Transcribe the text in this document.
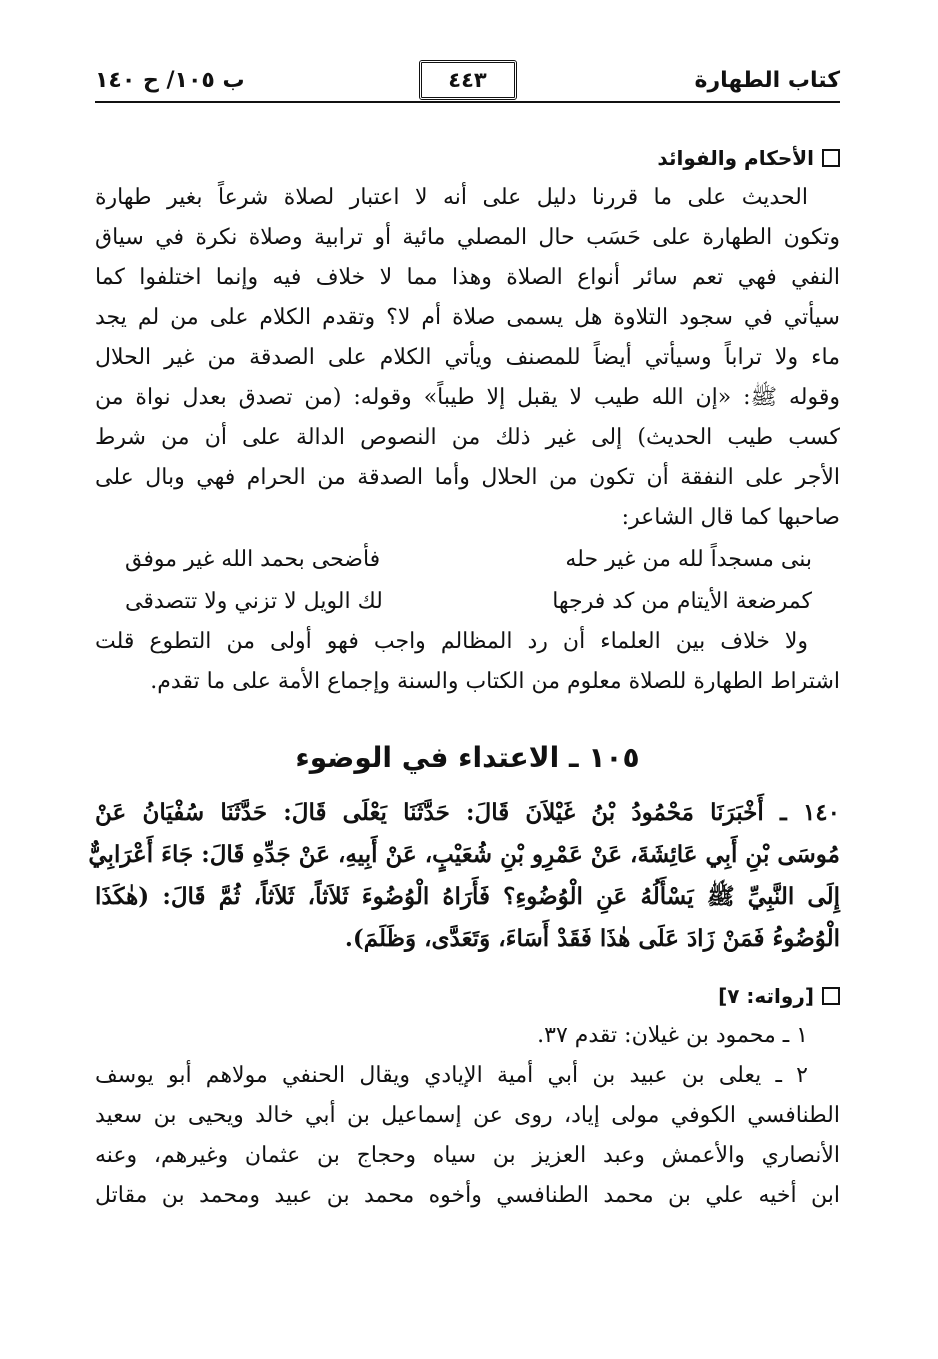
كتاب الطهارة
٤٤٣
ب ١٠٥/ ح ١٤٠
الأحكام والفوائد

الحديث على ما قررنا دليل على أنه لا اعتبار لصلاة شرعاً بغير طهارة

وتكون الطهارة على حَسَب حال المصلي مائية أو ترابية وصلاة نكرة في سياق

النفي فهي تعم سائر أنواع الصلاة وهذا مما لا خلاف فيه وإنما اختلفوا كما

سيأتي في سجود التلاوة هل يسمى صلاة أم لا؟ وتقدم الكلام على من لم يجد

ماء ولا تراباً وسيأتي أيضاً للمصنف ويأتي الكلام على الصدقة من غير الحلال

وقوله ﷺ: «إن الله طيب لا يقبل إلا طيباً» وقوله: (من تصدق بعدل نواة من

كسب طيب الحديث) إلى غير ذلك من النصوص الدالة على أن من شرط

الأجر على النفقة أن تكون من الحلال وأما الصدقة من الحرام فهي وبال على

صاحبها كما قال الشاعر:

بنى مسجداً لله من غير حله
فأضحى بحمد الله غير موفق
كمرضعة الأيتام من كد فرجها
لك الويل لا تزني ولا تتصدقى

ولا خلاف بين العلماء أن رد المظالم واجب فهو أولى من التطوع قلت

اشتراط الطهارة للصلاة معلوم من الكتاب والسنة وإجماع الأمة على ما تقدم.

١٠٥ ـ الاعتداء في الوضوء

١٤٠ ـ أَخْبَرَنَا مَحْمُودُ بْنُ غَيْلاَنَ قَالَ: حَدَّثَنَا يَعْلَى قَالَ: حَدَّثَنَا سُفْيَانُ عَنْ

مُوسَى بْنِ أَبِي عَائِشَةَ، عَنْ عَمْرِو بْنِ شُعَيْبٍ، عَنْ أَبِيهِ، عَنْ جَدِّهِ قَالَ: جَاءَ أَعْرَابِيٌّ

إِلَى النَّبِيِّ ﷺ يَسْأَلُهُ عَنِ الْوُضُوءِ؟ فَأَرَاهُ الْوُضُوءَ ثَلاَثاً، ثَلاَثاً، ثُمَّ قَالَ: (هٰكَذَا

الْوُضُوءُ فَمَنْ زَادَ عَلَى هٰذَا فَقَدْ أَسَاءَ، وَتَعَدَّى، وَظَلَمَ).

[رواته: ٧]

١ ـ محمود بن غيلان: تقدم ٣٧.

٢ ـ يعلى بن عبيد بن أبي أمية الإيادي ويقال الحنفي مولاهم أبو يوسف

الطنافسي الكوفي مولى إياد، روى عن إسماعيل بن أبي خالد ويحيى بن سعيد

الأنصاري والأعمش وعبد العزيز بن سياه وحجاج بن عثمان وغيرهم، وعنه

ابن أخيه علي بن محمد الطنافسي وأخوه محمد بن عبيد ومحمد بن مقاتل
